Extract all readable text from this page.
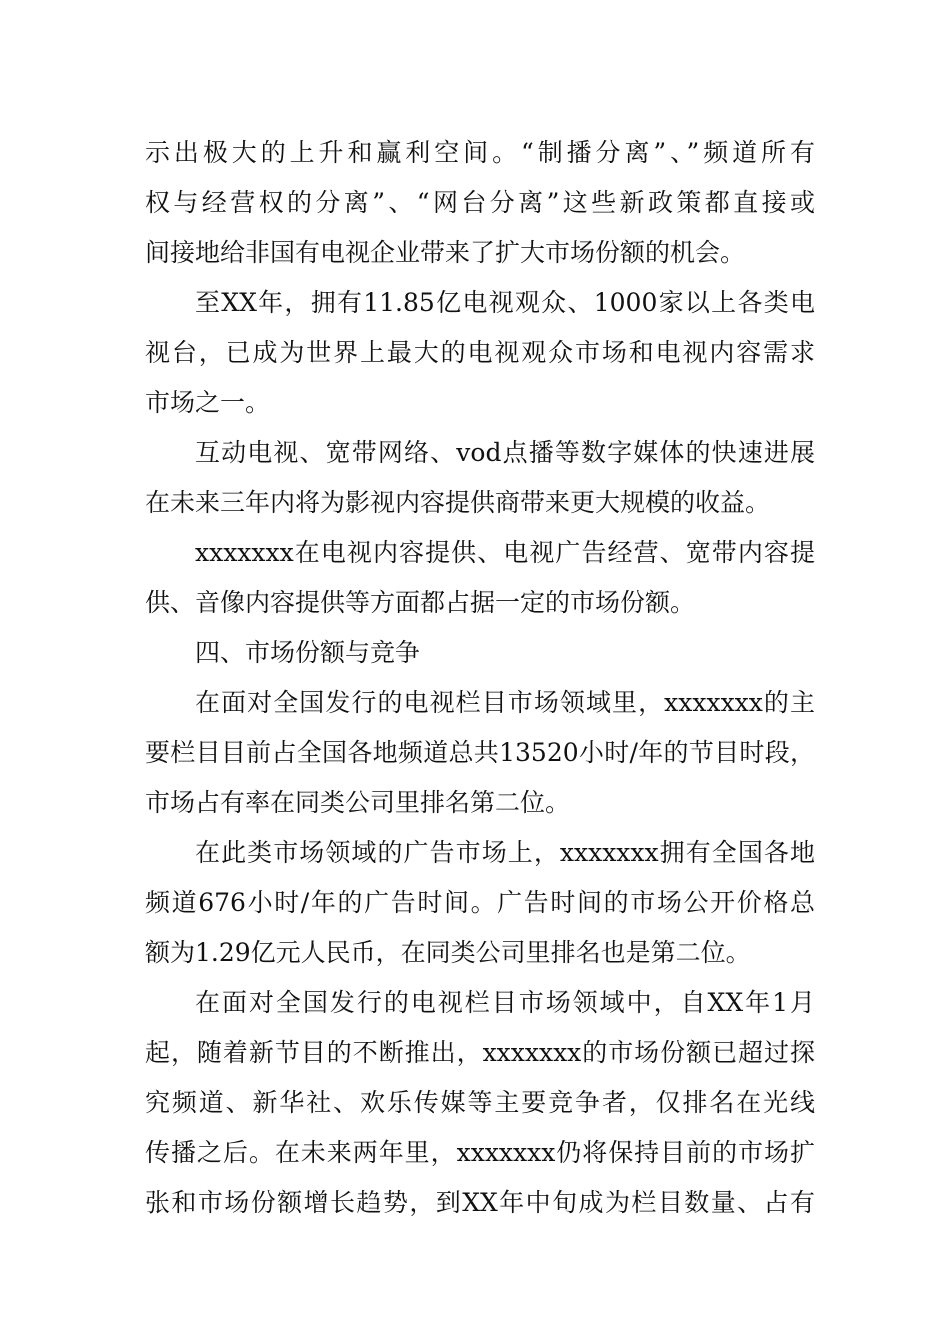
示出极大的上升和赢利空间。“制播分离”、”频道所有
权与经营权的分离”、“网台分离”这些新政策都直接或
间接地给非国有电视企业带来了扩大市场份额的机会。
至XX年，拥有11.85亿电视观众、1000家以上各类电
视台，已成为世界上最大的电视观众市场和电视内容需求
市场之一。
互动电视、宽带网络、vod点播等数字媒体的快速进展
在未来三年内将为影视内容提供商带来更大规模的收益。
xxxxxxx在电视内容提供、电视广告经营、宽带内容提
供、音像内容提供等方面都占据一定的市场份额。
四、市场份额与竞争
在面对全国发行的电视栏目市场领域里，xxxxxxx的主
要栏目目前占全国各地频道总共13520小时/年的节目时段，
市场占有率在同类公司里排名第二位。
在此类市场领域的广告市场上，xxxxxxx拥有全国各地
频道676小时/年的广告时间。广告时间的市场公开价格总
额为1.29亿元人民币，在同类公司里排名也是第二位。
在面对全国发行的电视栏目市场领域中，自XX年1月
起，随着新节目的不断推出，xxxxxxx的市场份额已超过探
究频道、新华社、欢乐传媒等主要竞争者，仅排名在光线
传播之后。在未来两年里，xxxxxxx仍将保持目前的市场扩
张和市场份额增长趋势，到XX年中旬成为栏目数量、占有
